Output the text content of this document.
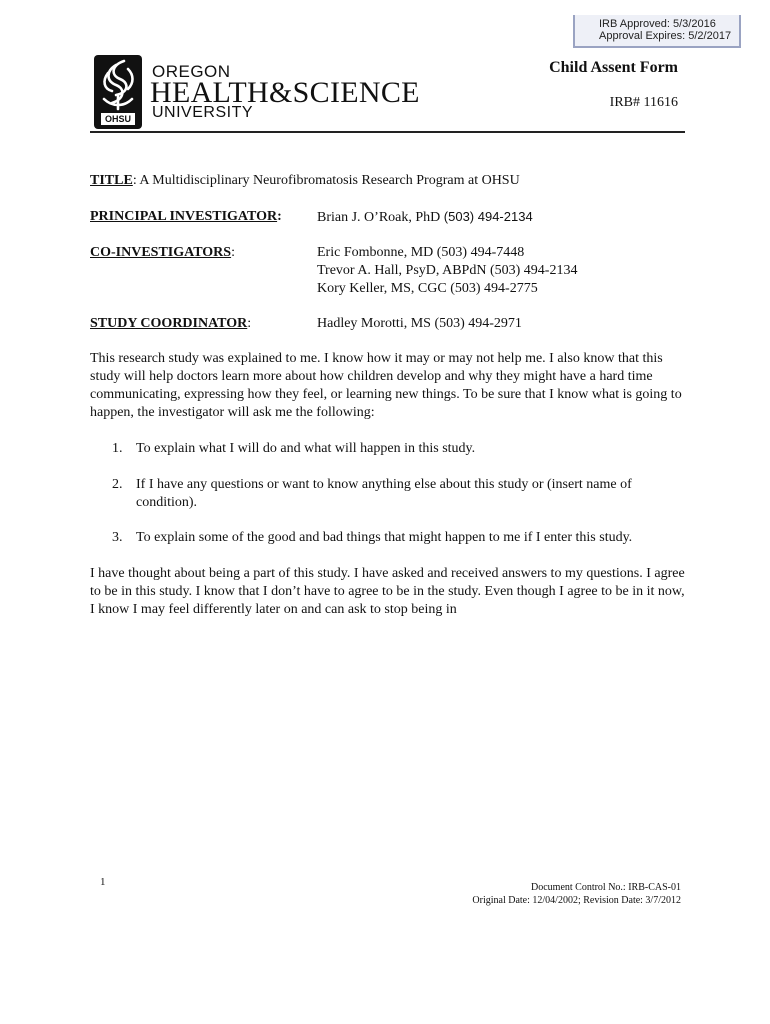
IRB Approved: 5/3/2016
Approval Expires: 5/2/2017
OHSU
OREGON
HEALTH&SCIENCE
UNIVERSITY
Child Assent Form
IRB# 11616
TITLE: A Multidisciplinary Neurofibromatosis Research Program at OHSU
PRINCIPAL INVESTIGATOR:	Brian J. O’Roak, PhD (503) 494-2134
CO-INVESTIGATORS:	Eric Fombonne, MD (503) 494-7448
Trevor A. Hall, PsyD, ABPdN (503) 494-2134
Kory Keller, MS, CGC (503) 494-2775
STUDY COORDINATOR:	Hadley Morotti, MS (503) 494-2971
This research study was explained to me. I know how it may or may not help me. I also know that this study will help doctors learn more about how children develop and why they might have a hard time communicating, expressing how they feel, or learning new things. To be sure that I know what is going to happen, the investigator will ask me the following:
1. To explain what I will do and what will happen in this study.
2. If I have any questions or want to know anything else about this study or (insert name of condition).
3. To explain some of the good and bad things that might happen to me if I enter this study.
I have thought about being a part of this study. I have asked and received answers to my questions. I agree to be in this study. I know that I don’t have to agree to be in the study. Even though I agree to be in it now, I know I may feel differently later on and can ask to stop being in
1	Document Control No.: IRB-CAS-01
Original Date: 12/04/2002; Revision Date: 3/7/2012
